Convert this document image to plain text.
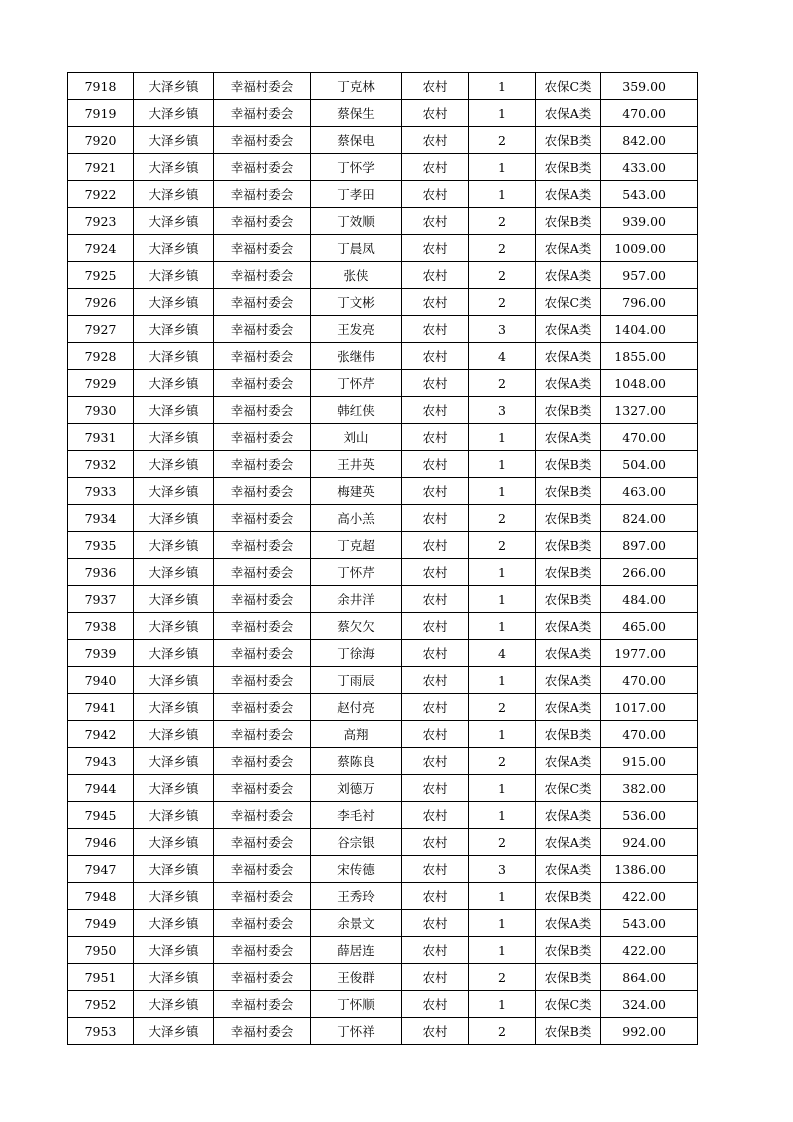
7918	大泽乡镇	幸福村委会	丁克林	农村	1	农保C类	359.00
7919	大泽乡镇	幸福村委会	蔡保生	农村	1	农保A类	470.00
7920	大泽乡镇	幸福村委会	蔡保电	农村	2	农保B类	842.00
7921	大泽乡镇	幸福村委会	丁怀学	农村	1	农保B类	433.00
7922	大泽乡镇	幸福村委会	丁孝田	农村	1	农保A类	543.00
7923	大泽乡镇	幸福村委会	丁效顺	农村	2	农保B类	939.00
7924	大泽乡镇	幸福村委会	丁晨凤	农村	2	农保A类	1009.00
7925	大泽乡镇	幸福村委会	张侠	农村	2	农保A类	957.00
7926	大泽乡镇	幸福村委会	丁文彬	农村	2	农保C类	796.00
7927	大泽乡镇	幸福村委会	王发亮	农村	3	农保A类	1404.00
7928	大泽乡镇	幸福村委会	张继伟	农村	4	农保A类	1855.00
7929	大泽乡镇	幸福村委会	丁怀芹	农村	2	农保A类	1048.00
7930	大泽乡镇	幸福村委会	韩红侠	农村	3	农保B类	1327.00
7931	大泽乡镇	幸福村委会	刘山	农村	1	农保A类	470.00
7932	大泽乡镇	幸福村委会	王井英	农村	1	农保B类	504.00
7933	大泽乡镇	幸福村委会	梅建英	农村	1	农保B类	463.00
7934	大泽乡镇	幸福村委会	高小羔	农村	2	农保B类	824.00
7935	大泽乡镇	幸福村委会	丁克超	农村	2	农保B类	897.00
7936	大泽乡镇	幸福村委会	丁怀芹	农村	1	农保B类	266.00
7937	大泽乡镇	幸福村委会	余井洋	农村	1	农保B类	484.00
7938	大泽乡镇	幸福村委会	蔡欠欠	农村	1	农保A类	465.00
7939	大泽乡镇	幸福村委会	丁徐海	农村	4	农保A类	1977.00
7940	大泽乡镇	幸福村委会	丁雨辰	农村	1	农保A类	470.00
7941	大泽乡镇	幸福村委会	赵付亮	农村	2	农保A类	1017.00
7942	大泽乡镇	幸福村委会	高翔	农村	1	农保B类	470.00
7943	大泽乡镇	幸福村委会	蔡陈良	农村	2	农保A类	915.00
7944	大泽乡镇	幸福村委会	刘德万	农村	1	农保C类	382.00
7945	大泽乡镇	幸福村委会	李毛衬	农村	1	农保A类	536.00
7946	大泽乡镇	幸福村委会	谷宗银	农村	2	农保A类	924.00
7947	大泽乡镇	幸福村委会	宋传德	农村	3	农保A类	1386.00
7948	大泽乡镇	幸福村委会	王秀玲	农村	1	农保B类	422.00
7949	大泽乡镇	幸福村委会	余景文	农村	1	农保A类	543.00
7950	大泽乡镇	幸福村委会	薛居连	农村	1	农保B类	422.00
7951	大泽乡镇	幸福村委会	王俊群	农村	2	农保B类	864.00
7952	大泽乡镇	幸福村委会	丁怀顺	农村	1	农保C类	324.00
7953	大泽乡镇	幸福村委会	丁怀祥	农村	2	农保B类	992.00
